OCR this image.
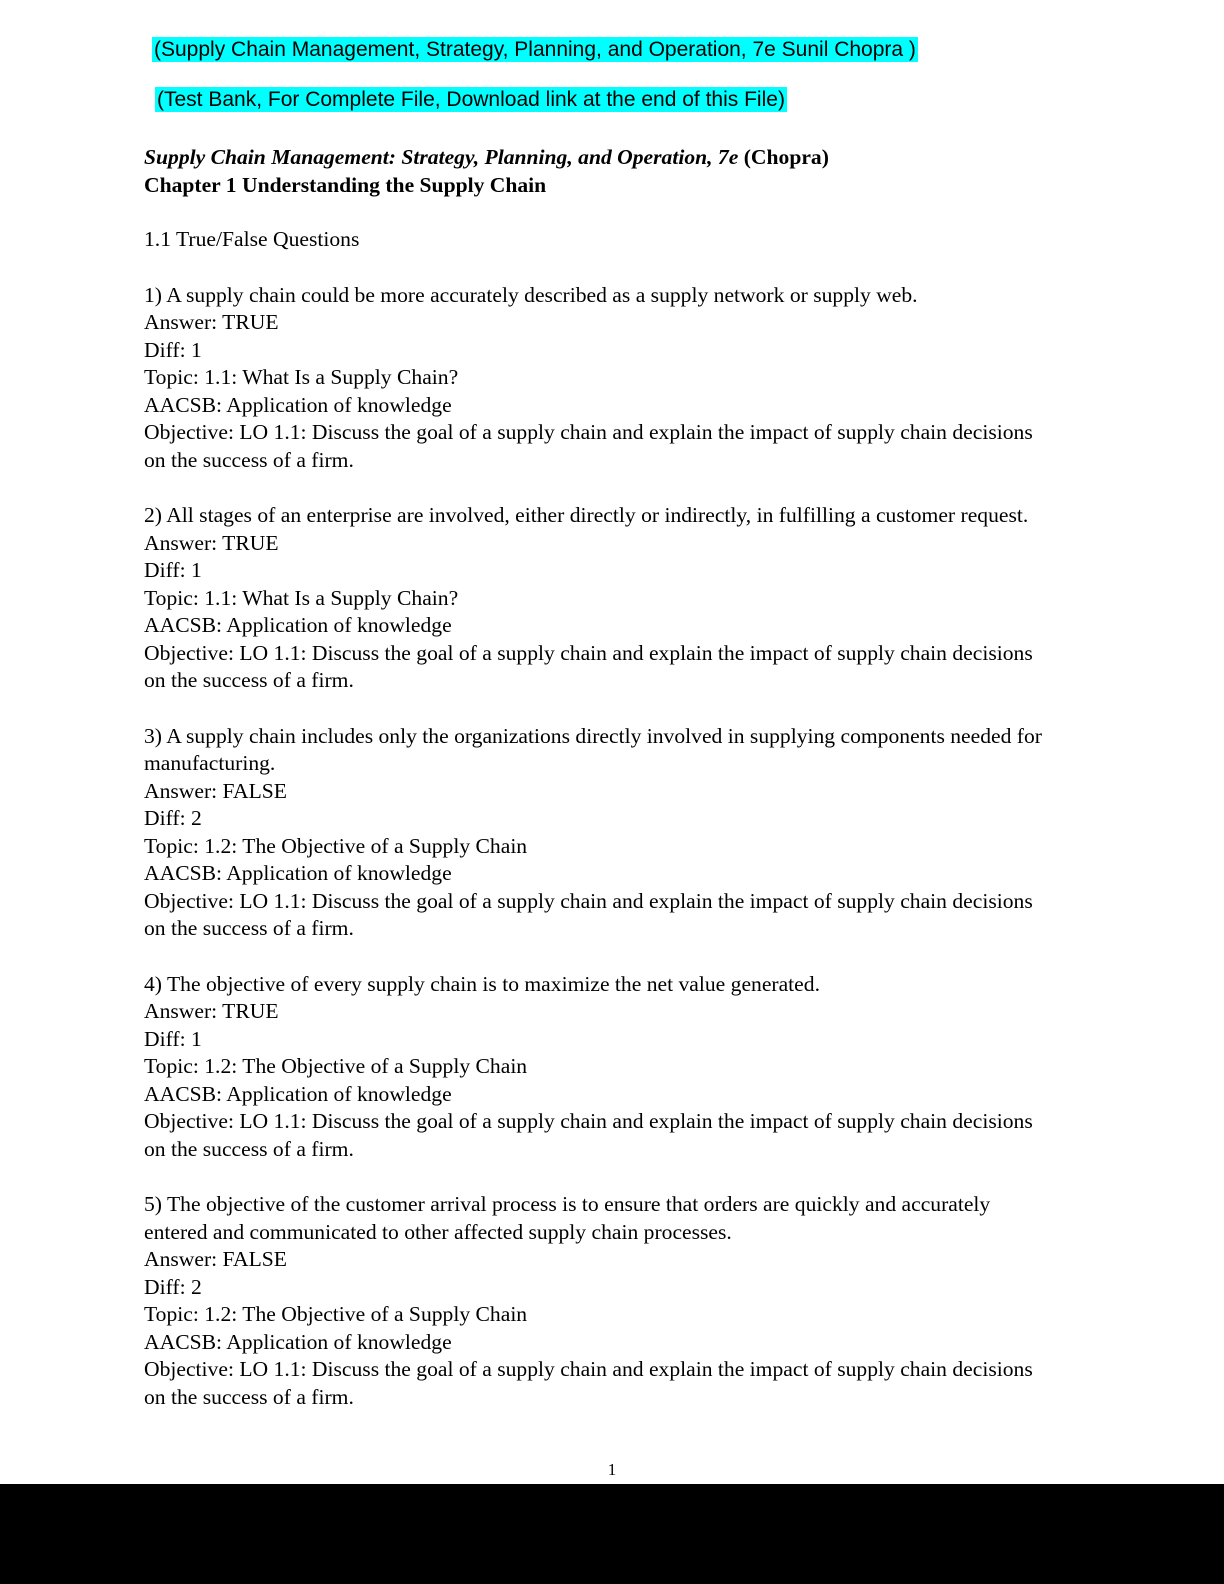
(Supply Chain Management, Strategy, Planning, and Operation, 7e Sunil Chopra )
(Test Bank, For Complete File, Download link at the end of this File)
Supply Chain Management: Strategy, Planning, and Operation, 7e (Chopra)
Chapter 1 Understanding the Supply Chain
1.1 True/False Questions
1) A supply chain could be more accurately described as a supply network or supply web.
Answer: TRUE
Diff: 1
Topic: 1.1: What Is a Supply Chain?
AACSB: Application of knowledge
Objective: LO 1.1: Discuss the goal of a supply chain and explain the impact of supply chain decisions on the success of a firm.
2) All stages of an enterprise are involved, either directly or indirectly, in fulfilling a customer request.
Answer: TRUE
Diff: 1
Topic: 1.1: What Is a Supply Chain?
AACSB: Application of knowledge
Objective: LO 1.1: Discuss the goal of a supply chain and explain the impact of supply chain decisions on the success of a firm.
3) A supply chain includes only the organizations directly involved in supplying components needed for manufacturing.
Answer: FALSE
Diff: 2
Topic: 1.2: The Objective of a Supply Chain
AACSB: Application of knowledge
Objective: LO 1.1: Discuss the goal of a supply chain and explain the impact of supply chain decisions on the success of a firm.
4) The objective of every supply chain is to maximize the net value generated.
Answer: TRUE
Diff: 1
Topic: 1.2: The Objective of a Supply Chain
AACSB: Application of knowledge
Objective: LO 1.1: Discuss the goal of a supply chain and explain the impact of supply chain decisions on the success of a firm.
5) The objective of the customer arrival process is to ensure that orders are quickly and accurately entered and communicated to other affected supply chain processes.
Answer: FALSE
Diff: 2
Topic: 1.2: The Objective of a Supply Chain
AACSB: Application of knowledge
Objective: LO 1.1: Discuss the goal of a supply chain and explain the impact of supply chain decisions on the success of a firm.
1
